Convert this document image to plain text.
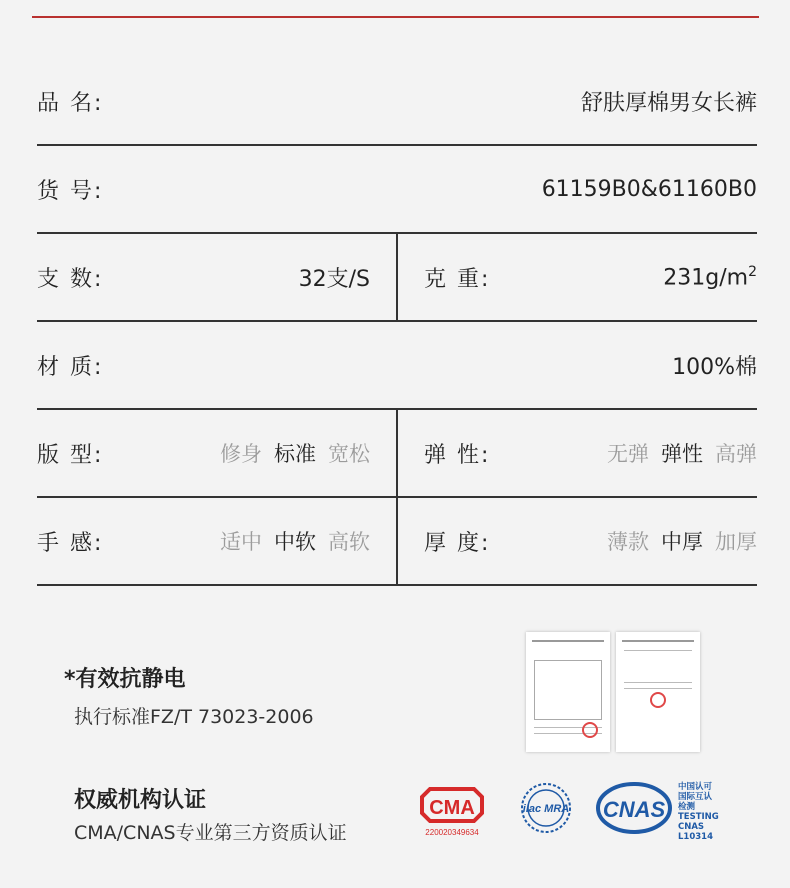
品 名:	舒肤厚棉男女长裤
货 号:	61159B0&61160B0
支 数:	32支/S 克 重:	$231g/m^2$
材 质:	100%棉
版 型:	修身 标准 宽松 弹 性:	无弹 弹性 高弹
手 感:	适中 中软 高软 厚 度:	薄款 中厚 加厚
*有效抗静电
执行标准FZ/T 73023-2006
权威机构认证
CMA/CNAS专业第三方资质认证
CMA
220020349634
ilac MRA CNAS
中国认可
国际互认
检测
TESTING
CNAS L10314
